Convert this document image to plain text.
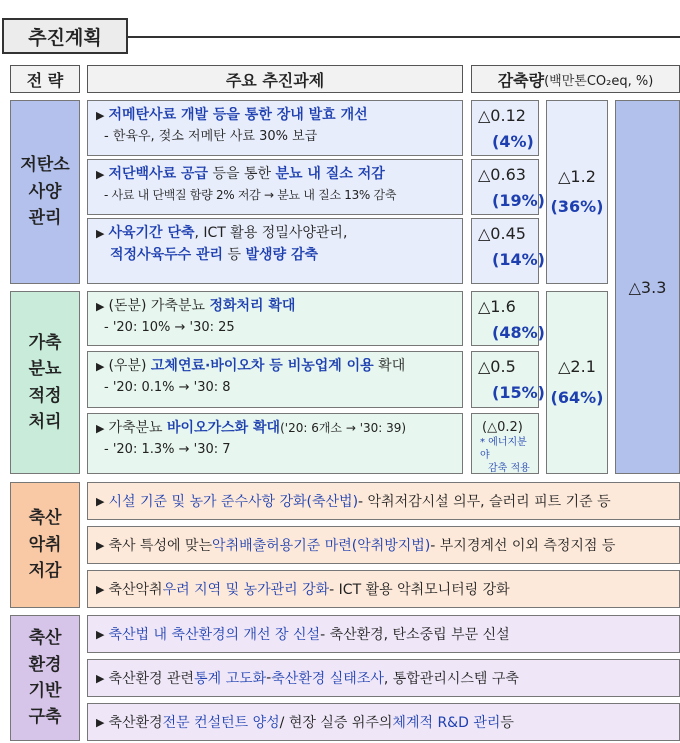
추진계획
전 략	주요 추진과제	감축량 (백만톤CO₂eq, %)
저탄소
사양
관리
▶ 저메탄사료 개발 등을 통한 장내 발효 개선
- 한육우, 젖소 저메탄 사료 30% 보급
▶ 저단백사료 공급 등을 통한 분뇨 내 질소 저감
- 사료 내 단백질 함량 2% 저감 → 분뇨 내 질소 13% 감축
▶ 사육기간 단축, ICT 활용 정밀사양관리,
적정사육두수 관리 등 발생량 감축
△0.12
(4%)
△0.63
(19%)
△0.45
(14%)
△1.2
(36%)
△3.3
가축
분뇨
적정
처리
▶ (돈분) 가축분뇨 정화처리 확대
- '20: 10% → '30: 25
▶ (우분) 고체연료·바이오차 등 비농업계 이용 확대
- '20: 0.1% → '30: 8
▶ 가축분뇨 바이오가스화 확대('20: 6개소 → '30: 39)
- '20: 1.3% → '30: 7
△1.6
(48%)
△0.5
(15%)
(△0.2)
* 에너지분야
감축 적용
△2.1
(64%)
축산
악취
저감
▶ 시설 기준 및 농가 준수사항 강화(축산법) - 악취저감시설 의무, 슬러리 피트 기준 등
▶ 축사 특성에 맞는 악취배출허용기준 마련(악취방지법) - 부지경계선 이외 측정지점 등
▶ 축산악취 우려 지역 및 농가관리 강화 - ICT 활용 악취모니터링 강화
축산
환경
기반
구축
▶ 축산법 내 축산환경의 개선 장 신설 - 축산환경, 탄소중립 부문 신설
▶ 축산환경 관련 통계 고도화 - 축산환경 실태조사 , 통합관리시스템 구축
▶ 축산환경 전문 컨설턴트 양성 / 현장 실증 위주의 체계적 R&D 관리 등
